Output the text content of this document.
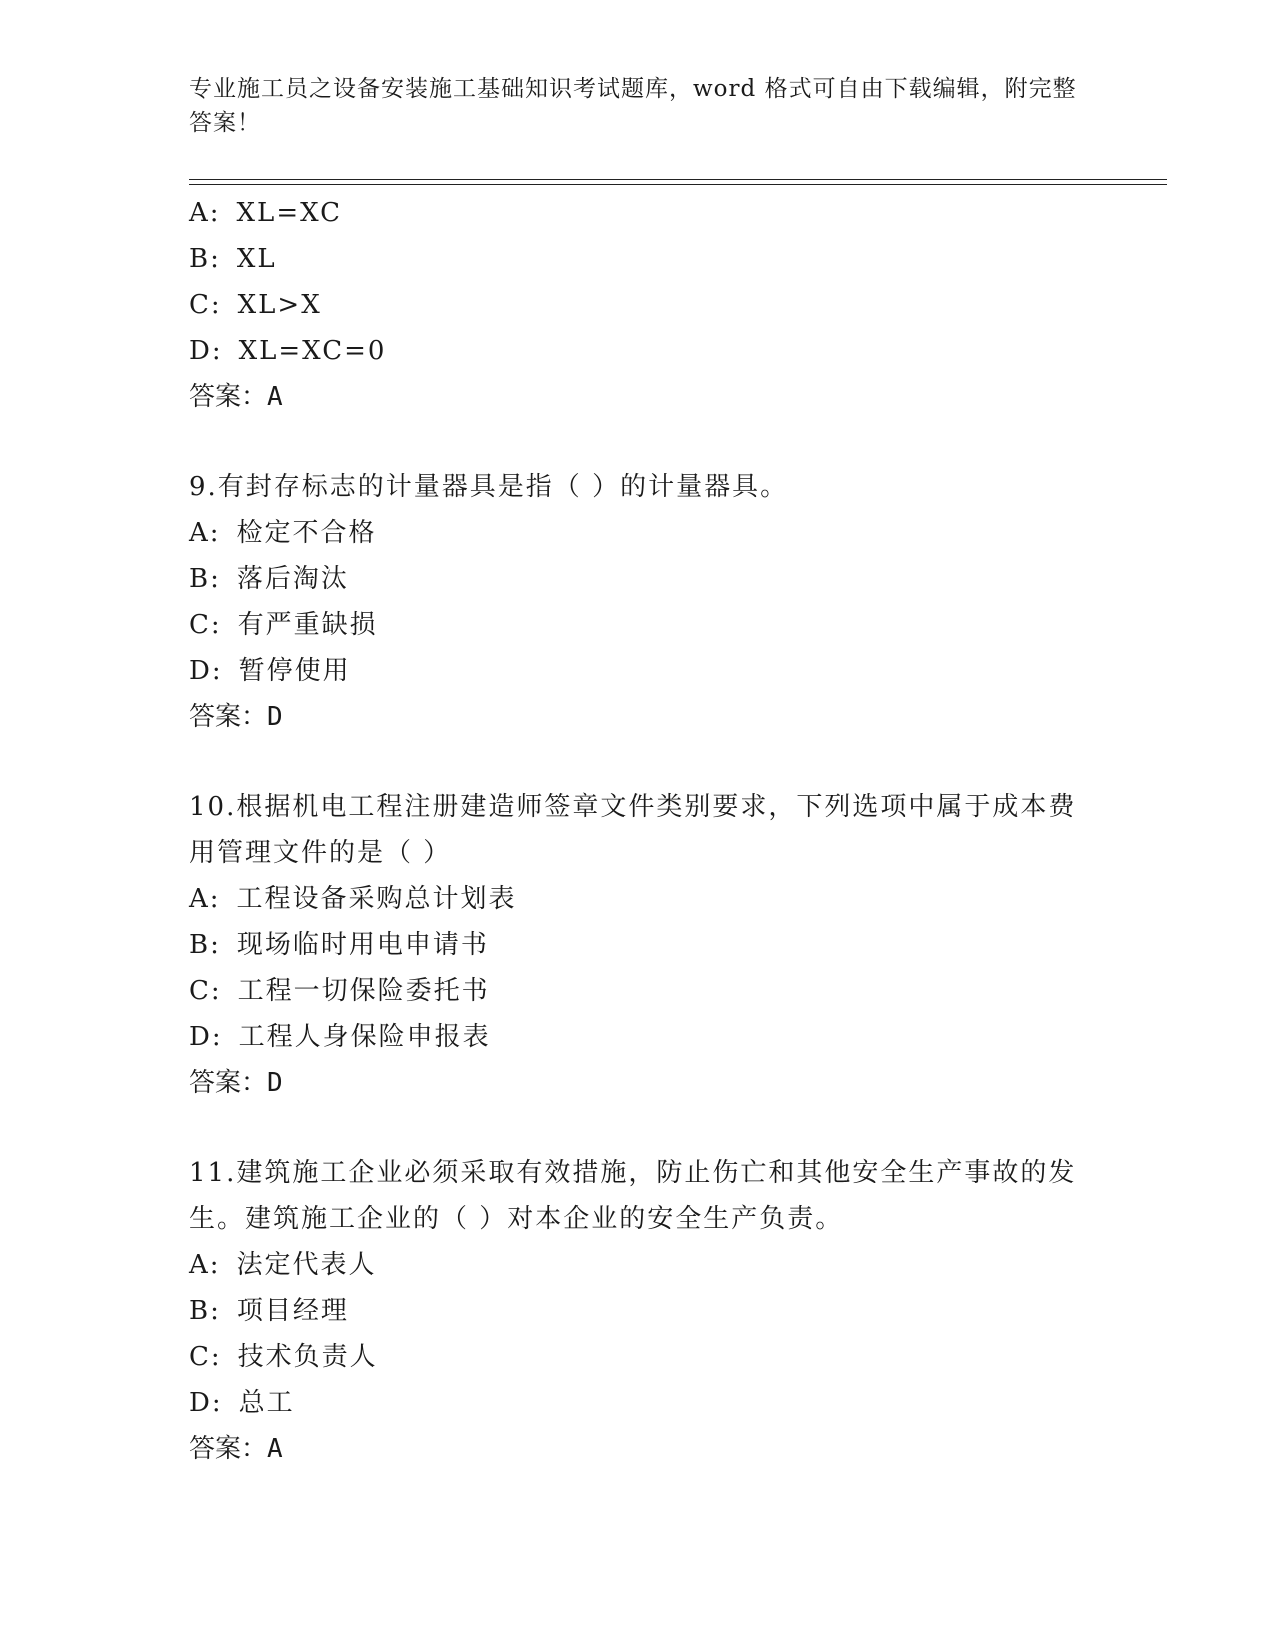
专业施工员之设备安装施工基础知识考试题库，word 格式可自由下载编辑，附完整答案！

A: XL=XC

B: XL

C: XL>X

D: XL=XC=0

答案：A

9.有封存标志的计量器具是指（ ）的计量器具。

A: 检定不合格

B: 落后淘汰

C: 有严重缺损

D: 暂停使用

答案：D

10.根据机电工程注册建造师签章文件类别要求，下列选项中属于成本费用管理文件的是（ ）

A: 工程设备采购总计划表

B: 现场临时用电申请书

C: 工程一切保险委托书

D: 工程人身保险申报表

答案：D

11.建筑施工企业必须采取有效措施，防止伤亡和其他安全生产事故的发生。建筑施工企业的（ ）对本企业的安全生产负责。

A: 法定代表人

B: 项目经理

C: 技术负责人

D: 总工

答案：A
